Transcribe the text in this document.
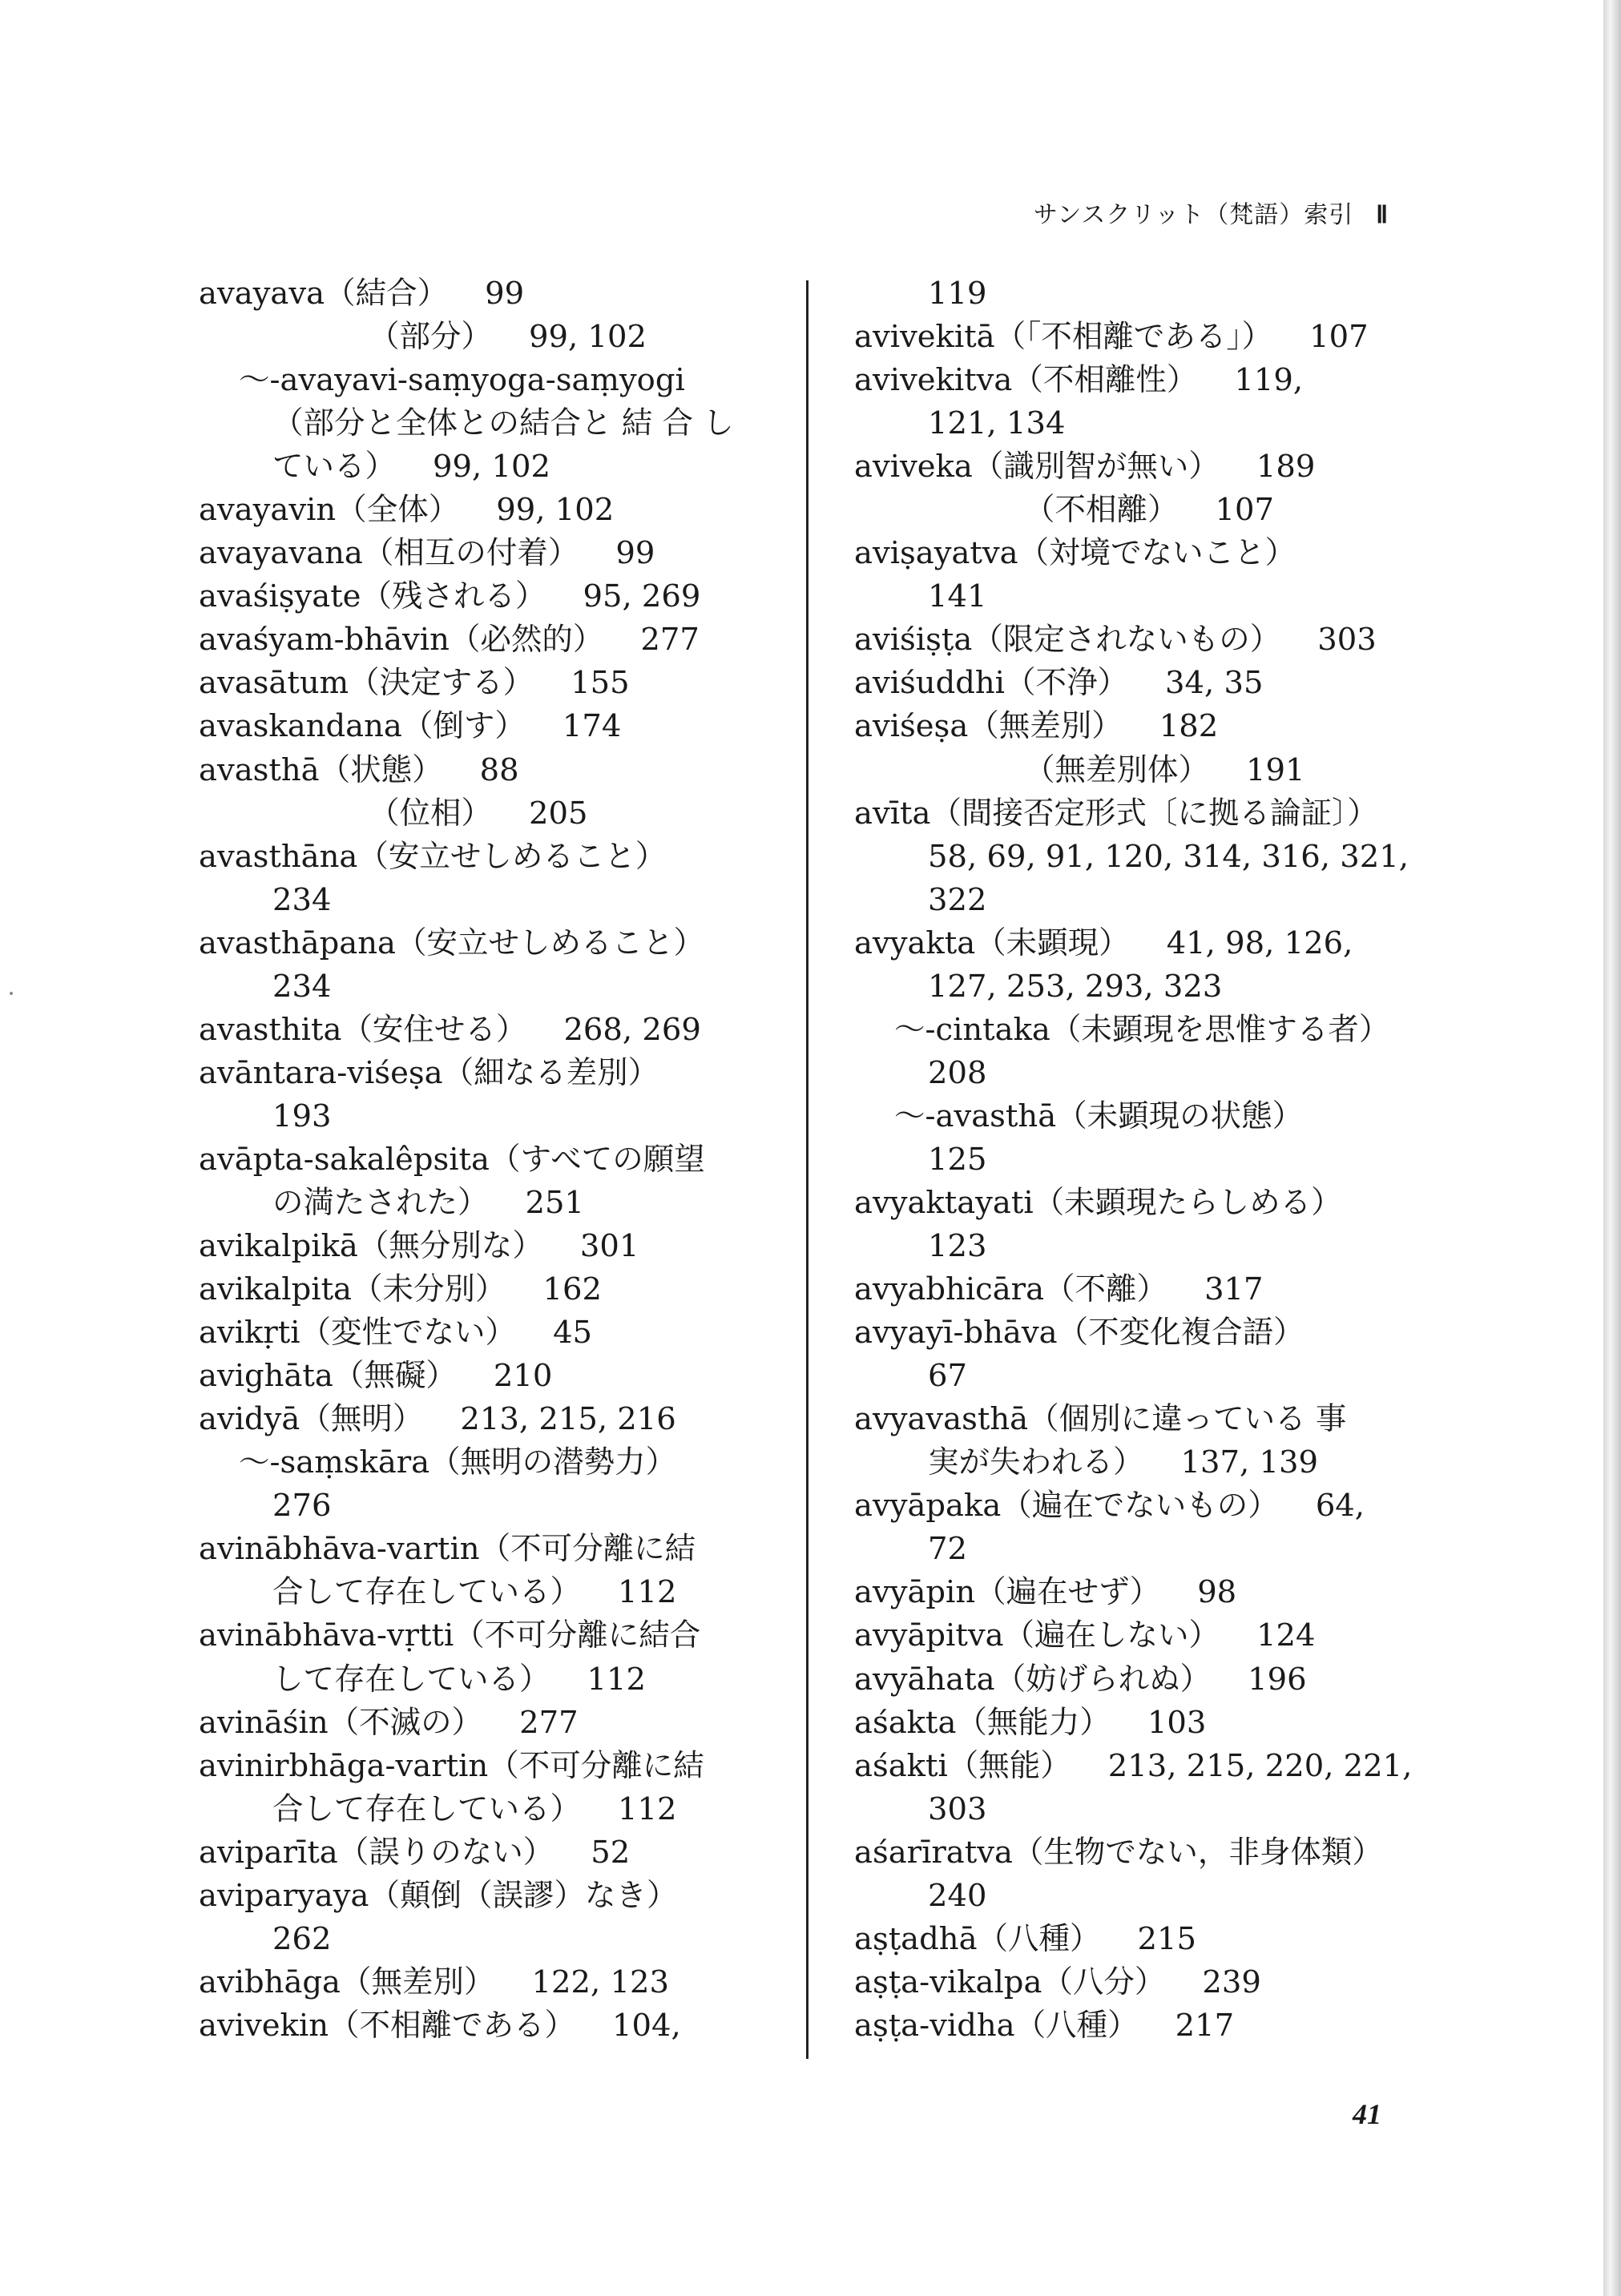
サンスクリット（梵語）索引 Ⅱ
avayava（結合） 99
（部分） 99, 102
〜-avayavi-saṃyoga-saṃyogi
（部分と全体との結合と 結 合 し
ている） 99, 102
avayavin（全体） 99, 102
avayavana（相互の付着） 99
avaśiṣyate（残される） 95, 269
avaśyam-bhāvin（必然的） 277
avasātum（決定する） 155
avaskandana（倒す） 174
avasthā（状態） 88
（位相） 205
avasthāna（安立せしめること）
234
avasthāpana（安立せしめること）
234
avasthita（安住せる） 268, 269
avāntara-viśeṣa（細なる差別）
193
avāpta-sakalêpsita（すべての願望
の満たされた） 251
avikalpikā（無分別な） 301
avikalpita（未分別） 162
avikṛti（変性でない） 45
avighāta（無礙） 210
avidyā（無明） 213, 215, 216
〜-saṃskāra（無明の潜勢力）
276
avinābhāva-vartin（不可分離に結
合して存在している） 112
avinābhāva-vṛtti（不可分離に結合
して存在している） 112
avināśin（不滅の） 277
avinirbhāga-vartin（不可分離に結
合して存在している） 112
aviparīta（誤りのない） 52
aviparyaya（顛倒（誤謬）なき）
262
avibhāga（無差別） 122, 123
avivekin（不相離である） 104,
119
avivekitā（「不相離である」） 107
avivekitva（不相離性） 119,
121, 134
aviveka（識別智が無い） 189
（不相離） 107
aviṣayatva（対境でないこと）
141
aviśiṣṭa（限定されないもの） 303
aviśuddhi（不浄） 34, 35
aviśeṣa（無差別） 182
（無差別体） 191
avīta（間接否定形式〔に拠る論証〕）
58, 69, 91, 120, 314, 316, 321,
322
avyakta（未顕現） 41, 98, 126,
127, 253, 293, 323
〜-cintaka（未顕現を思惟する者）
208
〜-avasthā（未顕現の状態）
125
avyaktayati（未顕現たらしめる）
123
avyabhicāra（不離） 317
avyayī-bhāva（不変化複合語）
67
avyavasthā（個別に違っている 事
実が失われる） 137, 139
avyāpaka（遍在でないもの） 64,
72
avyāpin（遍在せず） 98
avyāpitva（遍在しない） 124
avyāhata（妨げられぬ） 196
aśakta（無能力） 103
aśakti（無能） 213, 215, 220, 221,
303
aśarīratva（生物でない，非身体類）
240
aṣṭadhā（八種） 215
aṣṭa-vikalpa（八分） 239
aṣṭa-vidha（八種） 217
41
